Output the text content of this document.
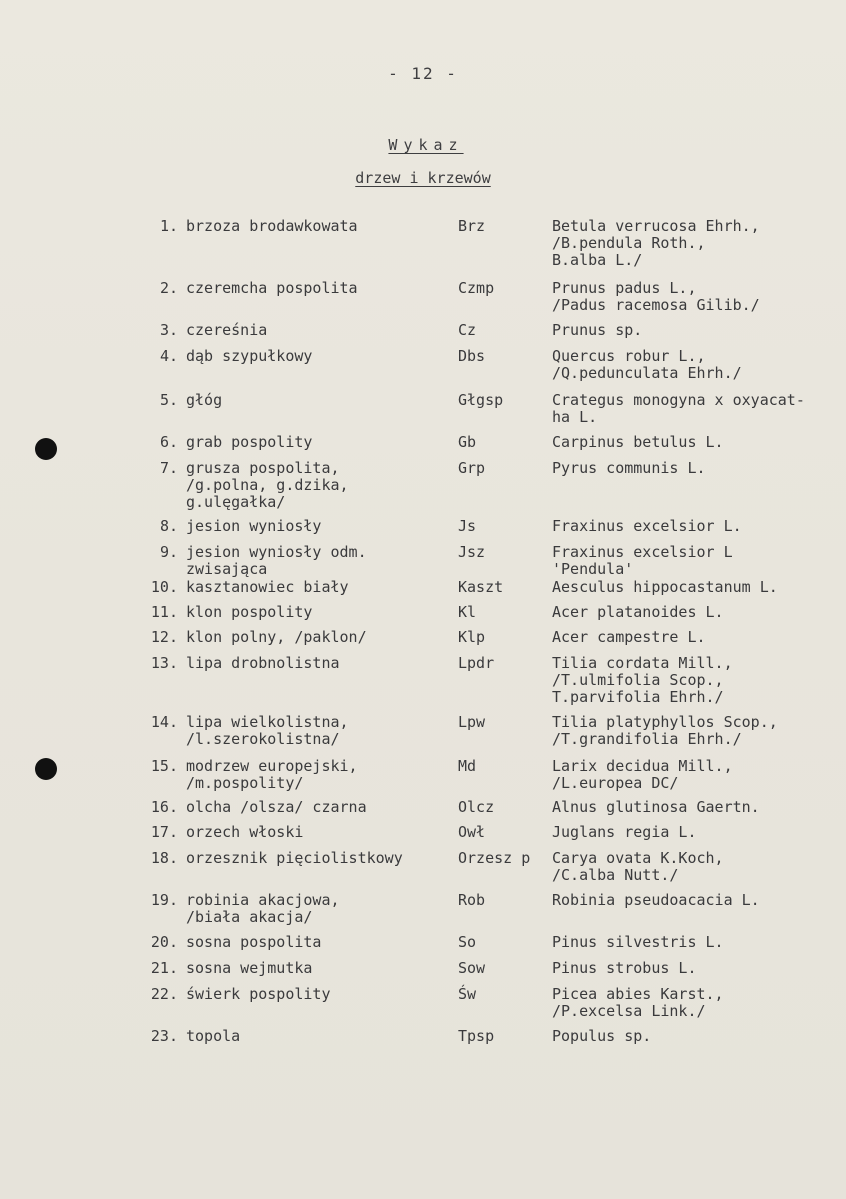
- 12 -
Wykaz
drzew i krzewów
1. brzoza brodawkowata	Brz	Betula verrucosa Ehrh.,
/B.pendula Roth.,
B.alba L./
2. czeremcha pospolita	Czmp	Prunus padus L.,
/Padus racemosa Gilib./
3. czereśnia	Cz	Prunus sp.
4. dąb szypułkowy	Dbs	Quercus robur L.,
/Q.pedunculata Ehrh./
5. głóg	Głgsp	Crategus monogyna x oxyacat-
ha L.
6. grab pospolity	Gb	Carpinus betulus L.
7. grusza pospolita,
/g.polna, g.dzika,
g.ulęgałka/
Grp	Pyrus communis L.
8. jesion wyniosły	Js	Fraxinus excelsior L.
9. jesion wyniosły odm.
zwisająca
Jsz	Fraxinus excelsior L
'Pendula'
10. kasztanowiec biały	Kaszt	Aesculus hippocastanum L.
11. klon pospolity	Kl	Acer platanoides L.
12. klon polny, /paklon/	Klp	Acer campestre L.
13. lipa drobnolistna	Lpdr	Tilia cordata Mill.,
/T.ulmifolia Scop.,
T.parvifolia Ehrh./
14. lipa wielkolistna,
/l.szerokolistna/
Lpw	Tilia platyphyllos Scop.,
/T.grandifolia Ehrh./
15. modrzew europejski,
/m.pospolity/
Md	Larix decidua Mill.,
/L.europea DC/
16. olcha /olsza/ czarna	Olcz	Alnus glutinosa Gaertn.
17. orzech włoski	Owł	Juglans regia L.
18. orzesznik pięciolistkowy	Orzesz p	Carya ovata K.Koch,
/C.alba Nutt./
19. robinia akacjowa,
/biała akacja/
Rob	Robinia pseudoacacia L.
20. sosna pospolita	So	Pinus silvestris L.
21. sosna wejmutka	Sow	Pinus strobus L.
22. świerk pospolity	Św	Picea abies Karst.,
/P.excelsa Link./
23. topola	Tpsp	Populus sp.
